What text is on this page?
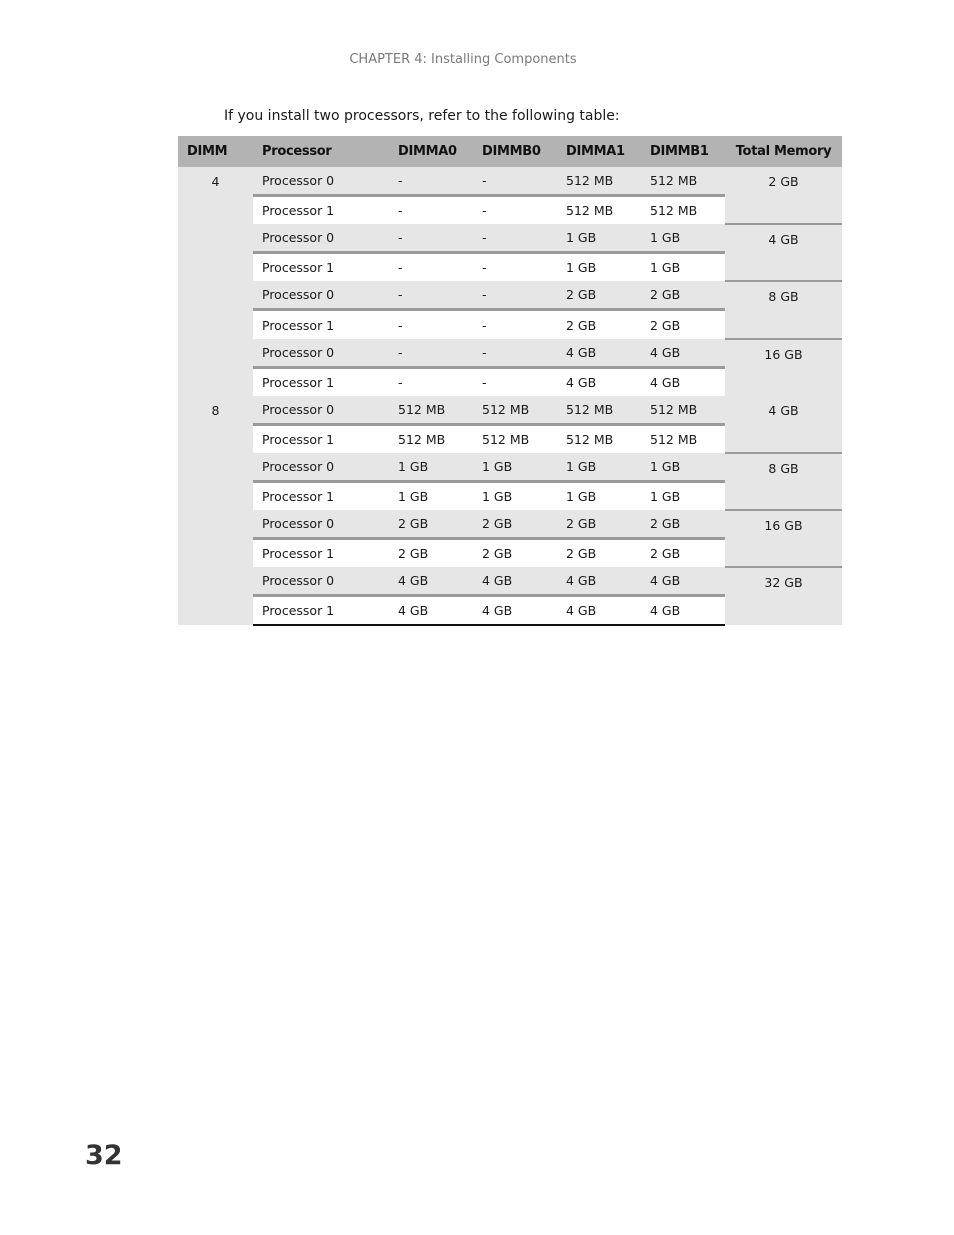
CHAPTER 4: Installing Components
If you install two processors, refer to the following table:
DIMM	Processor	DIMMA0	DIMMB0	DIMMA1	DIMMB1	Total Memory
4	Processor 0	-	-	512 MB	512 MB	2 GB
	Processor 1	-	-	512 MB	512 MB	
	Processor 0	-	-	1 GB	1 GB	4 GB
	Processor 1	-	-	1 GB	1 GB	
	Processor 0	-	-	2 GB	2 GB	8 GB
	Processor 1	-	-	2 GB	2 GB	
	Processor 0	-	-	4 GB	4 GB	16 GB
	Processor 1	-	-	4 GB	4 GB	
8	Processor 0	512 MB	512 MB	512 MB	512 MB	4 GB
	Processor 1	512 MB	512 MB	512 MB	512 MB	
	Processor 0	1 GB	1 GB	1 GB	1 GB	8 GB
	Processor 1	1 GB	1 GB	1 GB	1 GB	
	Processor 0	2 GB	2 GB	2 GB	2 GB	16 GB
	Processor 1	2 GB	2 GB	2 GB	2 GB	
	Processor 0	4 GB	4 GB	4 GB	4 GB	32 GB
	Processor 1	4 GB	4 GB	4 GB	4 GB	
32
